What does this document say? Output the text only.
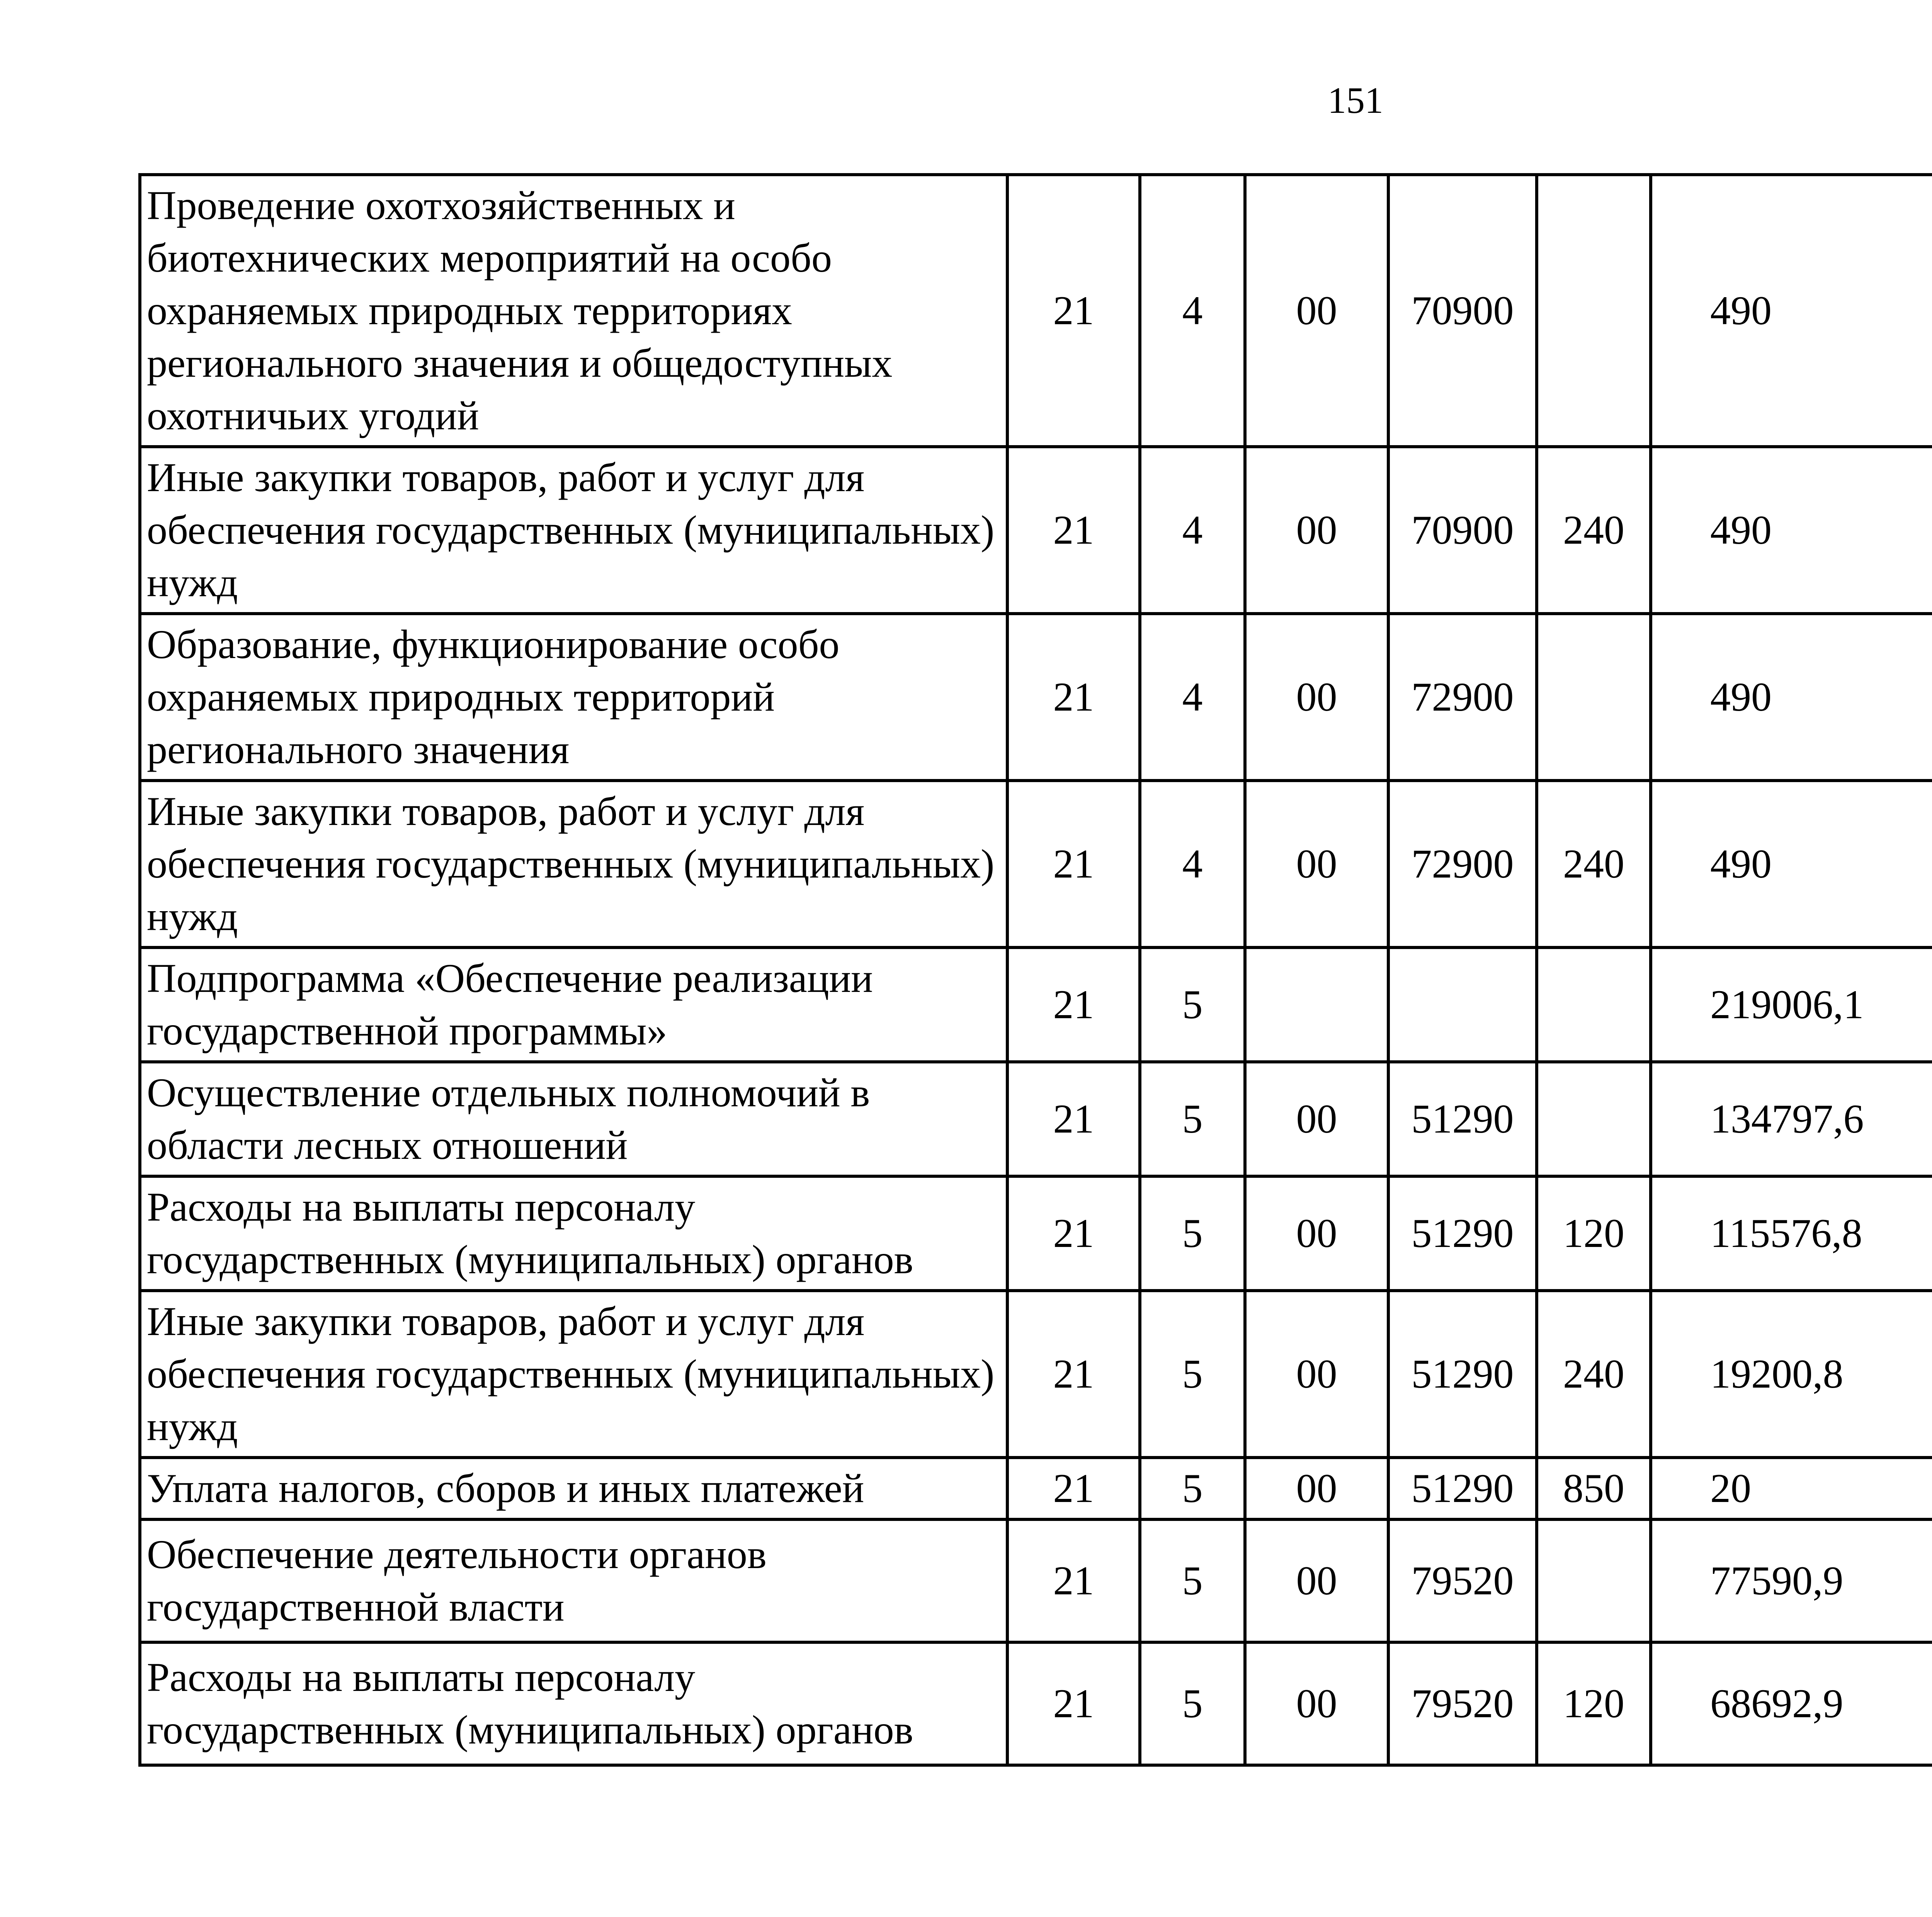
151
Проведение охотхозяйственных и биотехнических мероприятий на особо охраняемых природных территориях регионального значения и общедоступных охотничьих угодий	21	4	00	70900		490		
Иные закупки товаров, работ и услуг для обеспечения государственных (муниципальных) нужд	21	4	00	70900	240	490		
Образование, функционирование особо охраняемых природных территорий регионального значения	21	4	00	72900		490		
Иные закупки товаров, работ и услуг для обеспечения государственных (муниципальных) нужд	21	4	00	72900	240	490		
Подпрограмма «Обеспечение реализации государственной программы»	21	5				219006,1		
Осуществление отдельных полномочий в области лесных отношений	21	5	00	51290		134797,6		
Расходы на выплаты персоналу государственных (муниципальных) органов	21	5	00	51290	120	115576,8		
Иные закупки товаров, работ и услуг для обеспечения государственных (муниципальных) нужд	21	5	00	51290	240	19200,8		
Уплата налогов, сборов и иных платежей	21	5	00	51290	850	20		
Обеспечение деятельности органов государственной власти	21	5	00	79520		77590,9		
Расходы на выплаты персоналу государственных (муниципальных) органов	21	5	00	79520	120	68692,9		
